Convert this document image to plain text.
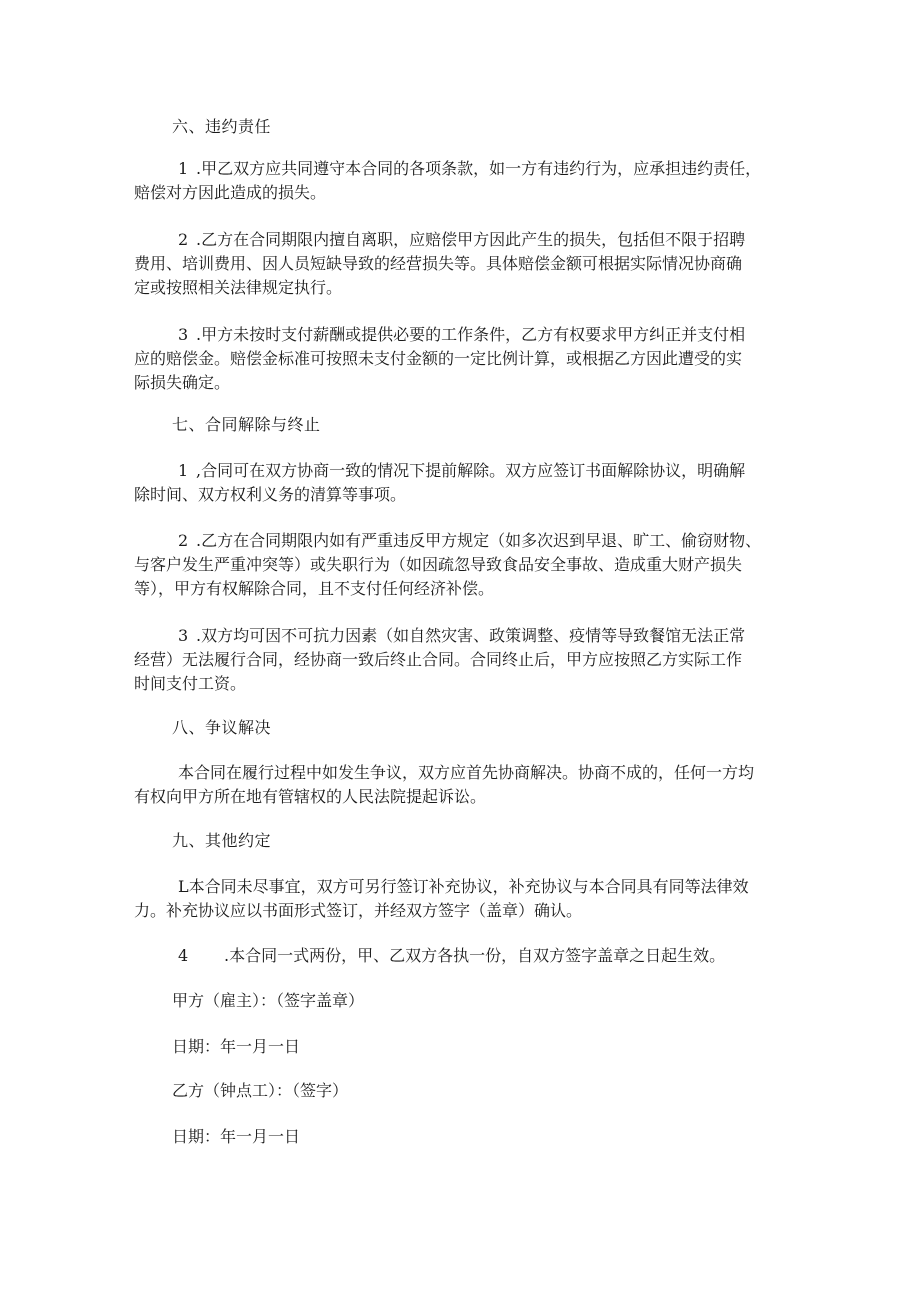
六、违约责任
1 .甲乙双方应共同遵守本合同的各项条款，如一方有违约行为，应承担违约责任，
赔偿对方因此造成的损失。
2 .乙方在合同期限内擅自离职，应赔偿甲方因此产生的损失，包括但不限于招聘
费用、培训费用、因人员短缺导致的经营损失等。具体赔偿金额可根据实际情况协商确
定或按照相关法律规定执行。
3 .甲方未按时支付薪酬或提供必要的工作条件，乙方有权要求甲方纠正并支付相
应的赔偿金。赔偿金标准可按照未支付金额的一定比例计算，或根据乙方因此遭受的实
际损失确定。
七、合同解除与终止
1 ,合同可在双方协商一致的情况下提前解除。双方应签订书面解除协议，明确解
除时间、双方权利义务的清算等事项。
2 .乙方在合同期限内如有严重违反甲方规定（如多次迟到早退、旷工、偷窃财物、
与客户发生严重冲突等）或失职行为（如因疏忽导致食品安全事故、造成重大财产损失
等），甲方有权解除合同，且不支付任何经济补偿。
3 .双方均可因不可抗力因素（如自然灾害、政策调整、疫情等导致餐馆无法正常
经营）无法履行合同，经协商一致后终止合同。合同终止后，甲方应按照乙方实际工作
时间支付工资。
八、争议解决
本合同在履行过程中如发生争议，双方应首先协商解决。协商不成的，任何一方均
有权向甲方所在地有管辖权的人民法院提起诉讼。
九、其他约定
L本合同未尽事宜，双方可另行签订补充协议，补充协议与本合同具有同等法律效
力。补充协议应以书面形式签订，并经双方签字（盖章）确认。
4 .本合同一式两份，甲、乙双方各执一份，自双方签字盖章之日起生效。
甲方（雇主）：（签字盖章）
日期：年一月一日
乙方（钟点工）：（签字）
日期：年一月一日
